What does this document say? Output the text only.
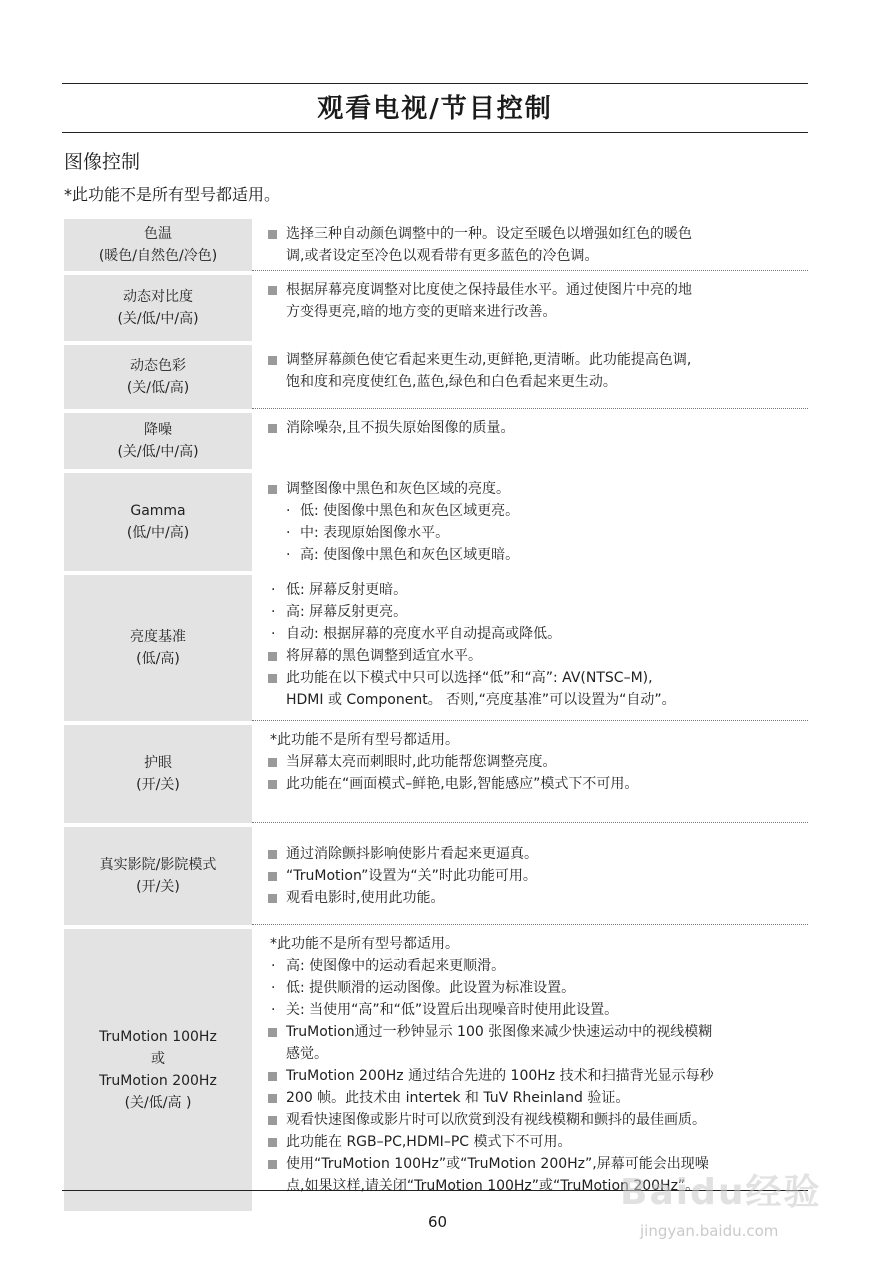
观看电视/节目控制
图像控制
*此功能不是所有型号都适用。
色温
(暖色/自然色/冷色)
选择三种自动颜色调整中的一种。设定至暖色以增强如红色的暖色
调,或者设定至冷色以观看带有更多蓝色的冷色调。
动态对比度
(关/低/中/高)
根据屏幕亮度调整对比度使之保持最佳水平。通过使图片中亮的地
方变得更亮,暗的地方变的更暗来进行改善。
动态色彩
(关/低/高)
调整屏幕颜色使它看起来更生动,更鲜艳,更清晰。此功能提高色调,
饱和度和亮度使红色,蓝色,绿色和白色看起来更生动。
降噪
(关/低/中/高)
消除噪杂,且不损失原始图像的质量。
Gamma
(低/中/高)
调整图像中黑色和灰色区域的亮度。
· 低: 使图像中黑色和灰色区域更亮。
· 中: 表现原始图像水平。
· 高: 使图像中黑色和灰色区域更暗。
亮度基准
(低/高)
· 低: 屏幕反射更暗。
· 高: 屏幕反射更亮。
· 自动: 根据屏幕的亮度水平自动提高或降低。
将屏幕的黑色调整到适宜水平。
此功能在以下模式中只可以选择“低”和“高”: AV(NTSC–M),
HDMI 或 Component。 否则,“亮度基准”可以设置为“自动”。
护眼
(开/关)
*此功能不是所有型号都适用。
当屏幕太亮而刺眼时,此功能帮您调整亮度。
此功能在“画面模式–鲜艳,电影,智能感应”模式下不可用。
真实影院/影院模式
(开/关)
通过消除颤抖影响使影片看起来更逼真。
“TruMotion”设置为“关”时此功能可用。
观看电影时,使用此功能。
TruMotion 100Hz
或
TruMotion 200Hz
(关/低/高 )
*此功能不是所有型号都适用。
· 高: 使图像中的运动看起来更顺滑。
· 低: 提供顺滑的运动图像。此设置为标准设置。
· 关: 当使用“高”和“低”设置后出现噪音时使用此设置。
TruMotion通过一秒钟显示 100 张图像来减少快速运动中的视线模糊
感觉。
TruMotion 200Hz 通过结合先进的 100Hz 技术和扫描背光显示每秒
200 帧。此技术由 intertek 和 TuV Rheinland 验证。
观看快速图像或影片时可以欣赏到没有视线模糊和颤抖的最佳画质。
此功能在 RGB–PC,HDMI–PC 模式下不可用。
使用“TruMotion 100Hz”或“TruMotion 200Hz”,屏幕可能会出现噪
点,如果这样,请关闭“TruMotion 100Hz”或“TruMotion 200Hz”。
60
Baidu经验
jingyan.baidu.com
